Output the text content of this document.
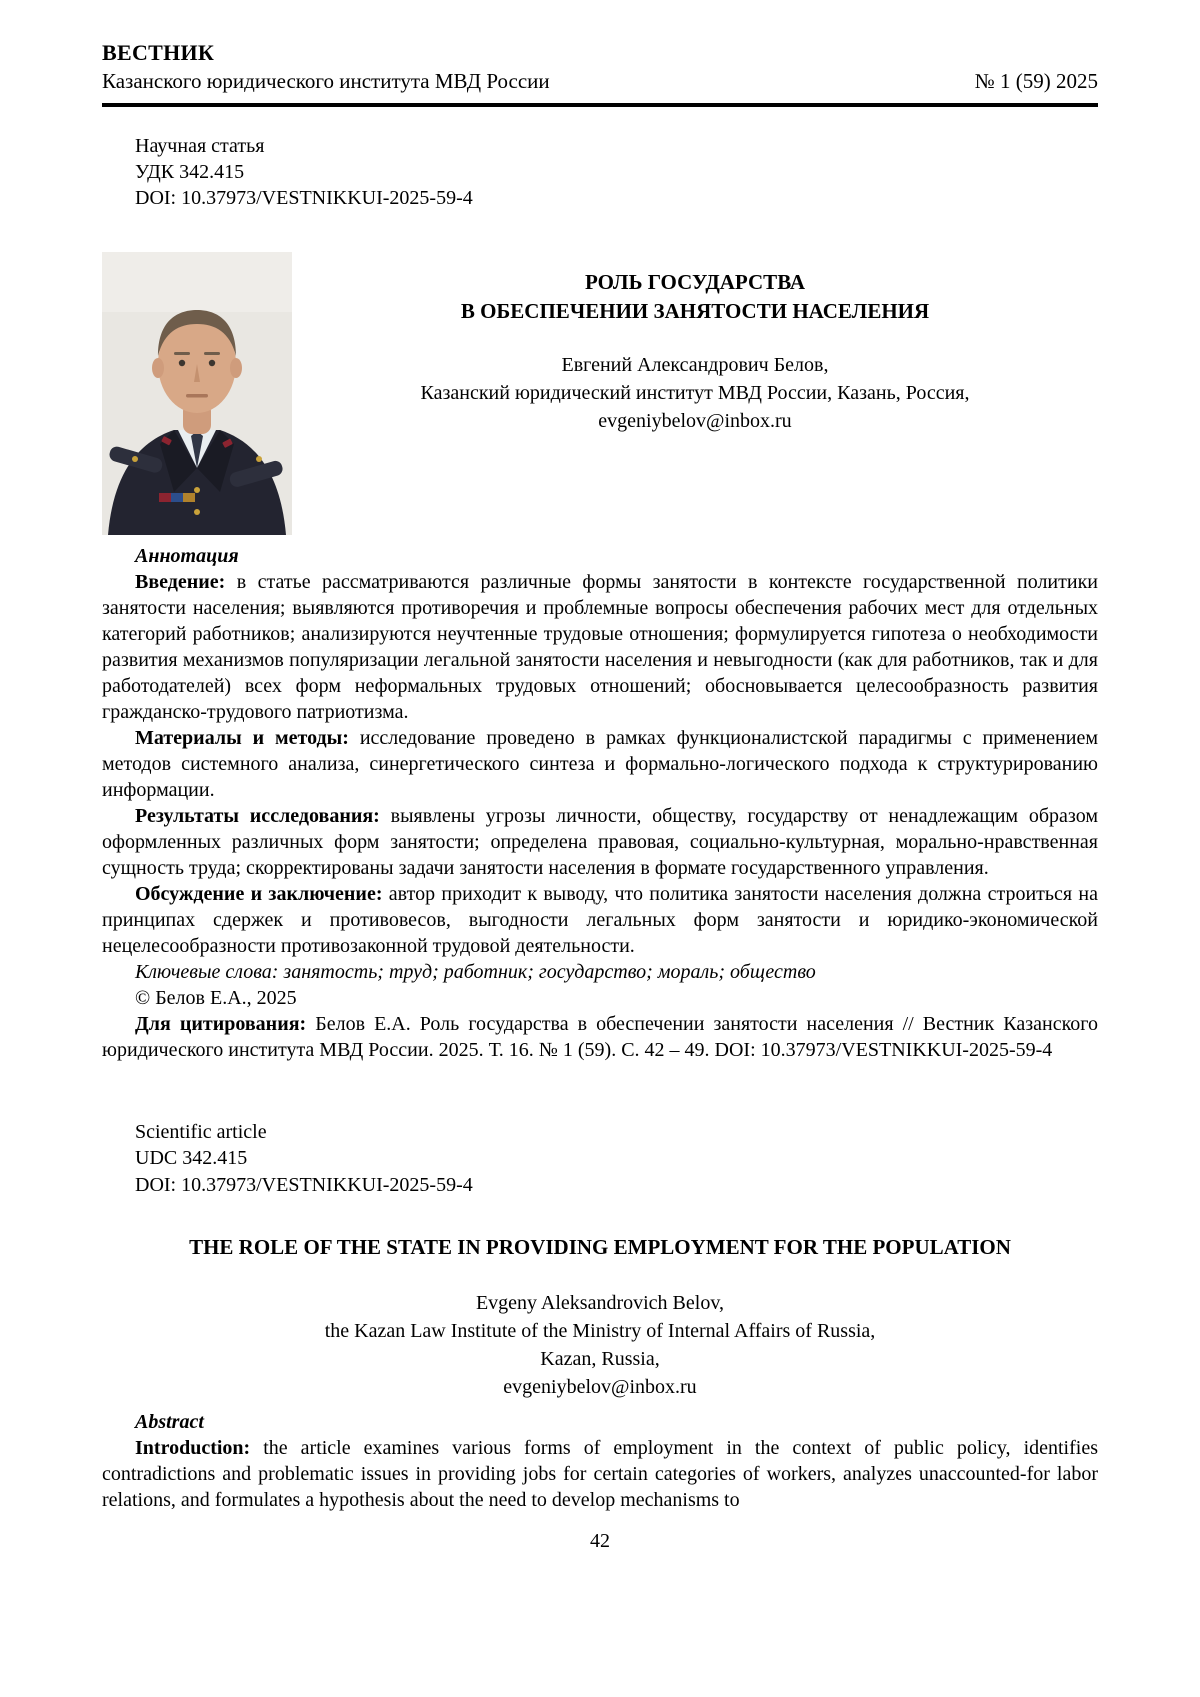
ВЕСТНИК
Казанского юридического института МВД России	№ 1 (59) 2025
Научная статья
УДК 342.415
DOI: 10.37973/VESTNIKKUI-2025-59-4
РОЛЬ ГОСУДАРСТВА
В ОБЕСПЕЧЕНИИ ЗАНЯТОСТИ НАСЕЛЕНИЯ
Евгений Александрович Белов,
Казанский юридический институт МВД России, Казань, Россия,
evgeniybelov@inbox.ru
Аннотация

Введение: в статье рассматриваются различные формы занятости в контексте государственной политики занятости населения; выявляются противоречия и проблемные вопросы обеспечения рабочих мест для отдельных категорий работников; анализируются неучтенные трудовые отношения; формулируется гипотеза о необходимости развития механизмов популяризации легальной занятости населения и невыгодности (как для работников, так и для работодателей) всех форм неформальных трудовых отношений; обосновывается целесообразность развития гражданско-трудового патриотизма.

Материалы и методы: исследование проведено в рамках функционалистской парадигмы с применением методов системного анализа, синергетического синтеза и формально-логического подхода к структурированию информации.

Результаты исследования: выявлены угрозы личности, обществу, государству от ненадлежащим образом оформленных различных форм занятости; определена правовая, социально-культурная, морально-нравственная сущность труда; скорректированы задачи занятости населения в формате государственного управления.

Обсуждение и заключение: автор приходит к выводу, что политика занятости населения должна строиться на принципах сдержек и противовесов, выгодности легальных форм занятости и юридико-экономической нецелесообразности противозаконной трудовой деятельности.

Ключевые слова: занятость; труд; работник; государство; мораль; общество

© Белов Е.А., 2025

Для цитирования: Белов Е.А. Роль государства в обеспечении занятости населения // Вестник Казанского юридического института МВД России. 2025. Т. 16. № 1 (59). С. 42 – 49. DOI: 10.37973/VESTNIKKUI-2025-59-4

Scientific article
UDC 342.415
DOI: 10.37973/VESTNIKKUI-2025-59-4
THE ROLE OF THE STATE IN PROVIDING EMPLOYMENT FOR THE POPULATION
Evgeny Aleksandrovich Belov,
the Kazan Law Institute of the Ministry of Internal Affairs of Russia,
Kazan, Russia,
evgeniybelov@inbox.ru
Abstract

Introduction: the article examines various forms of employment in the context of public policy, identifies contradictions and problematic issues in providing jobs for certain categories of workers, analyzes unaccounted-for labor relations, and formulates a hypothesis about the need to develop mechanisms to

42
